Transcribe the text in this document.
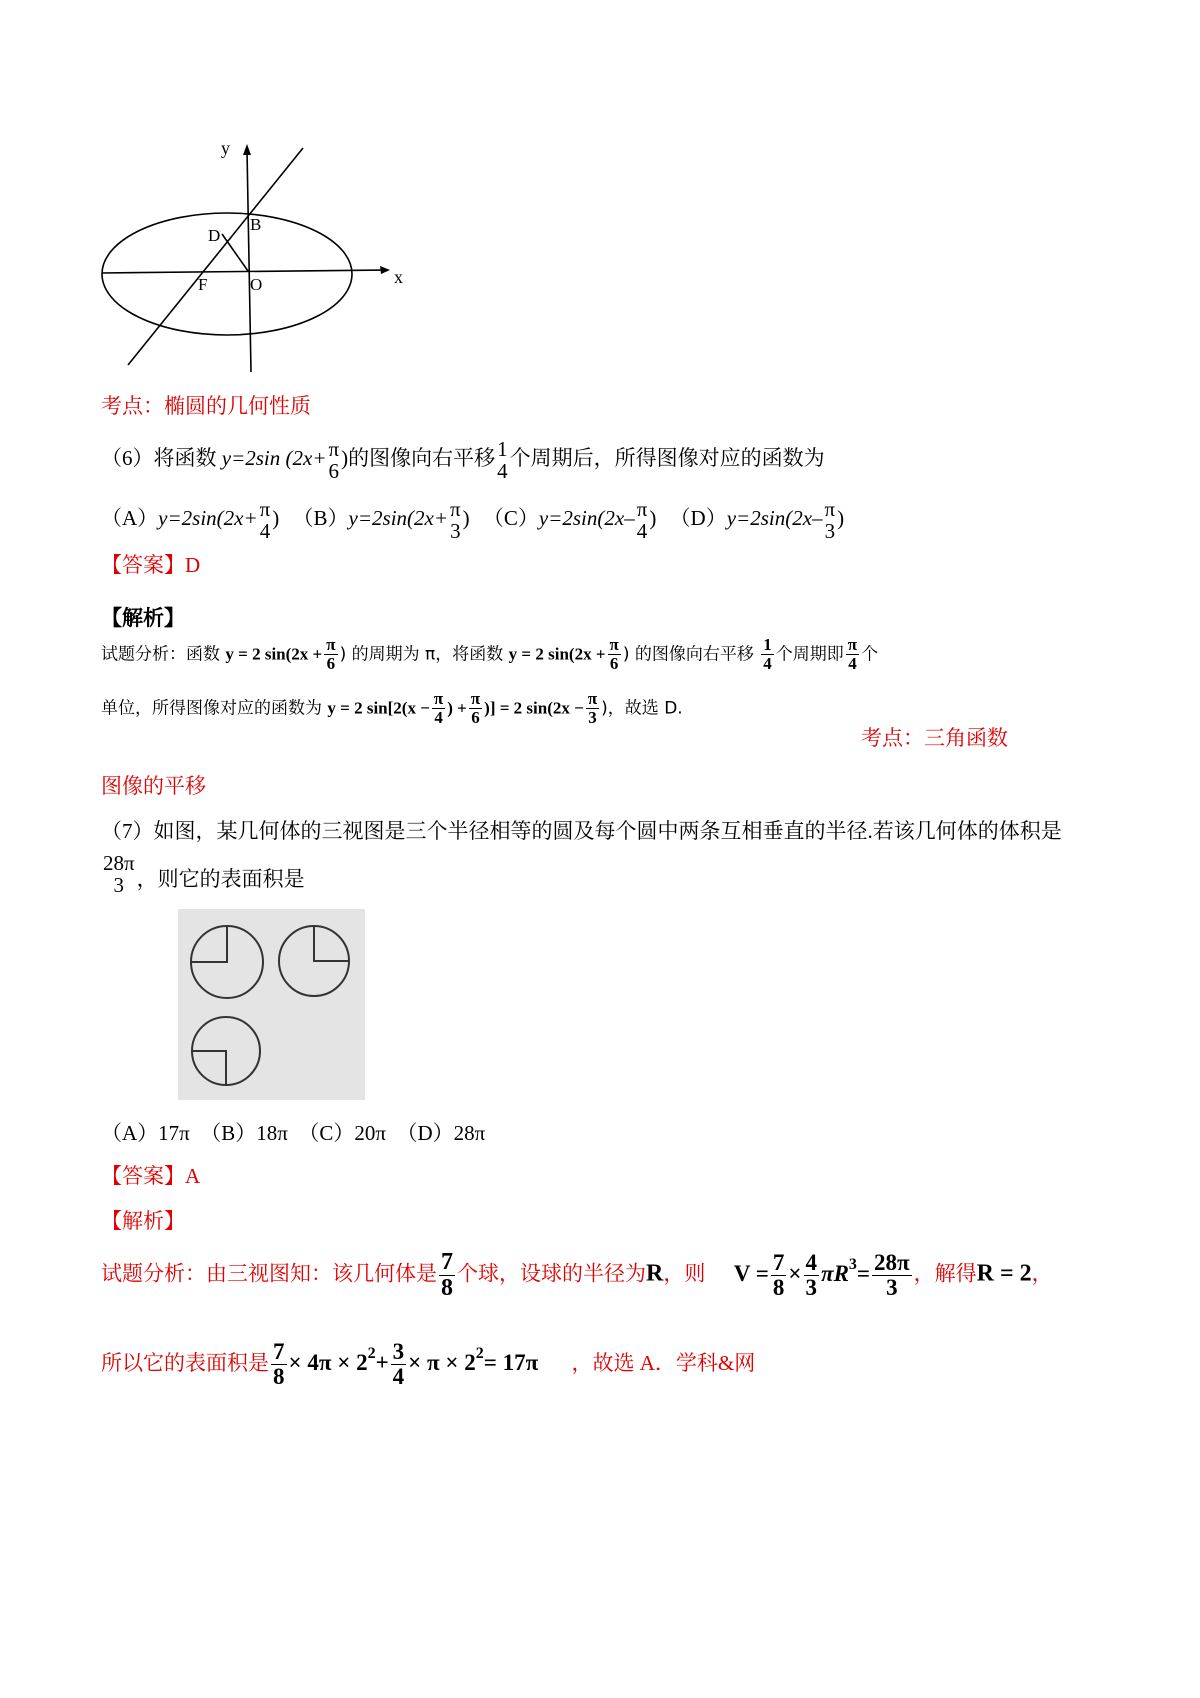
y
x
B
D
F	O
考点：椭圆的几何性质
（6）将函数 y=2sin (2x+ π
6
)的图像向右平移 1
4
个周期后，所得图像对应的函数为
（A）y=2sin(2x+ π
4
) （B）y=2sin(2x+ π
3
) （C）y=2sin(2x– π
4
) （D）y=2sin(2x– π
3
)
【答案】D
【解析】
试题分析：函数 y = 2 $\sin(2x + \frac{\pi}{6}$ ) 的周期为 π，将函数 y = 2 $\sin(2x + \frac{\pi}{6}$ ) 的图像向右平移 $\frac{1}{4}$ 个周期即 $\frac{\pi}{4}$ 个
单位，所得图像对应的函数为 y = 2 $\sin[2(x - \frac{\pi}{4}$ ) + $\frac{\pi}{6}$ )] = 2 $\sin(2x - \frac{\pi}{3}$ )，故选 D.
考点：三角函数
图像的平移
（7）如图，某几何体的三视图是三个半径相等的圆及每个圆中两条互相垂直的半径.若该几何体的体积是
28π
3 ，则它的表面积是
（A）17π　（B）18π　（C）20π　（D）28π
【答案】A
【解析】
试题分析：由三视图知：该几何体是 $\frac{7}{8}$ 个球，设球的半径为R，则 $V = \frac{7}{8} \times \frac{4}{3} \pi R^3= \frac{28\pi}{3}$ ，解得R = 2，
所以它的表面积是 $\frac{7}{8} \times 4\pi \times 2^2+ \frac{3}{4} \times \pi \times 2^2= 17\pi$ ，故选 A．学科&网
